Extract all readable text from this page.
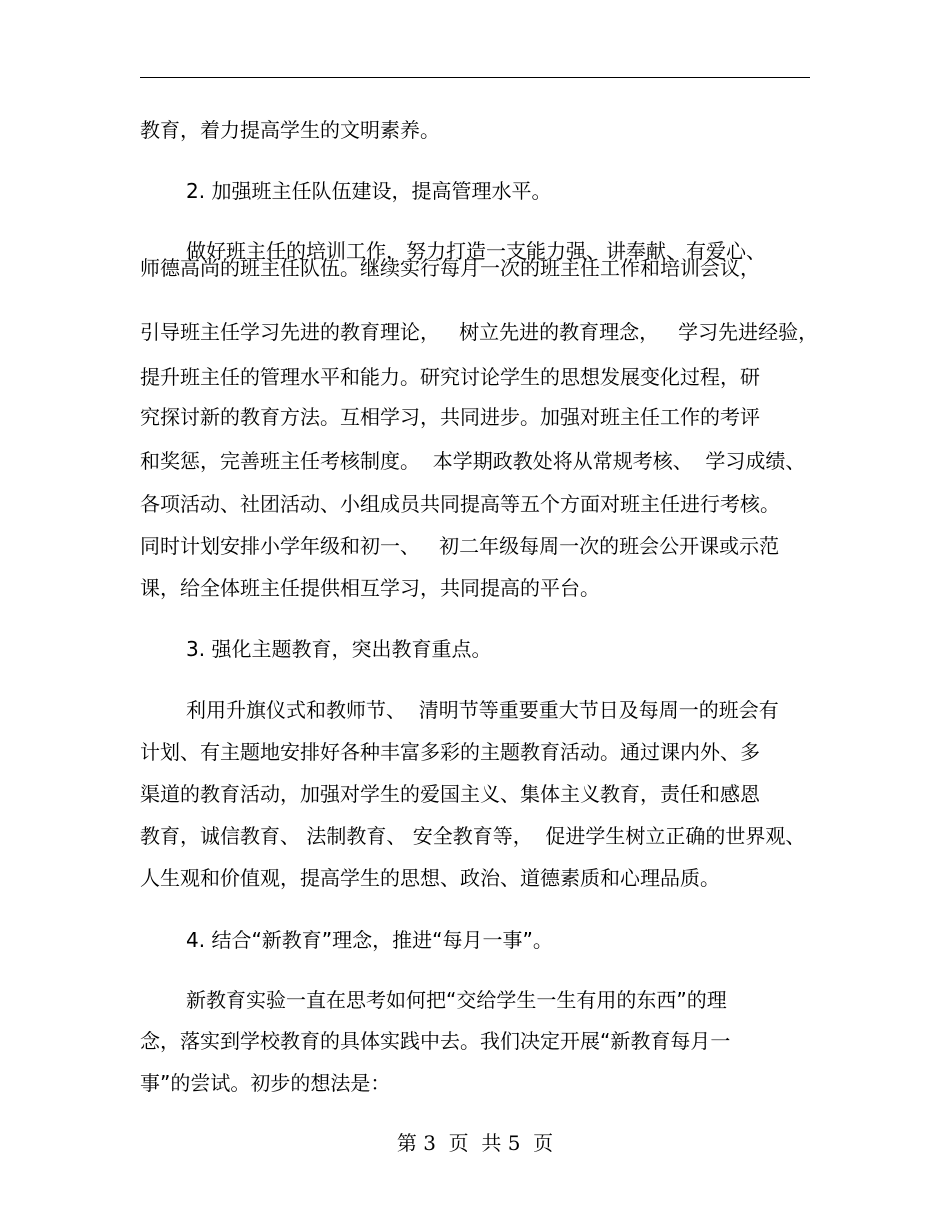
教育，着力提高学生的文明素养。
2. 加强班主任队伍建设，提高管理水平。
做好班主任的培训工作，努力打造一支能力强、讲奉献、有爱心、
师德高尚的班主任队伍。继续实行每月一次的班主任工作和培训会议，
引导班主任学习先进的教育理论，   树立先进的教育理念，   学习先进经验，
提升班主任的管理水平和能力。研究讨论学生的思想发展变化过程，研
究探讨新的教育方法。互相学习，共同进步。加强对班主任工作的考评
和奖惩，完善班主任考核制度。  本学期政教处将从常规考核、  学习成绩、
各项活动、社团活动、小组成员共同提高等五个方面对班主任进行考核。
同时计划安排小学年级和初一、   初二年级每周一次的班会公开课或示范
课，给全体班主任提供相互学习，共同提高的平台。
3. 强化主题教育，突出教育重点。
利用升旗仪式和教师节、  清明节等重要重大节日及每周一的班会有
计划、有主题地安排好各种丰富多彩的主题教育活动。通过课内外、多
渠道的教育活动，加强对学生的爱国主义、集体主义教育，责任和感恩
教育，诚信教育、 法制教育、 安全教育等，  促进学生树立正确的世界观、
人生观和价值观，提高学生的思想、政治、道德素质和心理品质。
4. 结合“新教育”理念，推进“每月一事”。
新教育实验一直在思考如何把“交给学生一生有用的东西”的理
念，落实到学校教育的具体实践中去。我们决定开展“新教育每月一
事”的尝试。初步的想法是：
第 3  页  共 5  页
